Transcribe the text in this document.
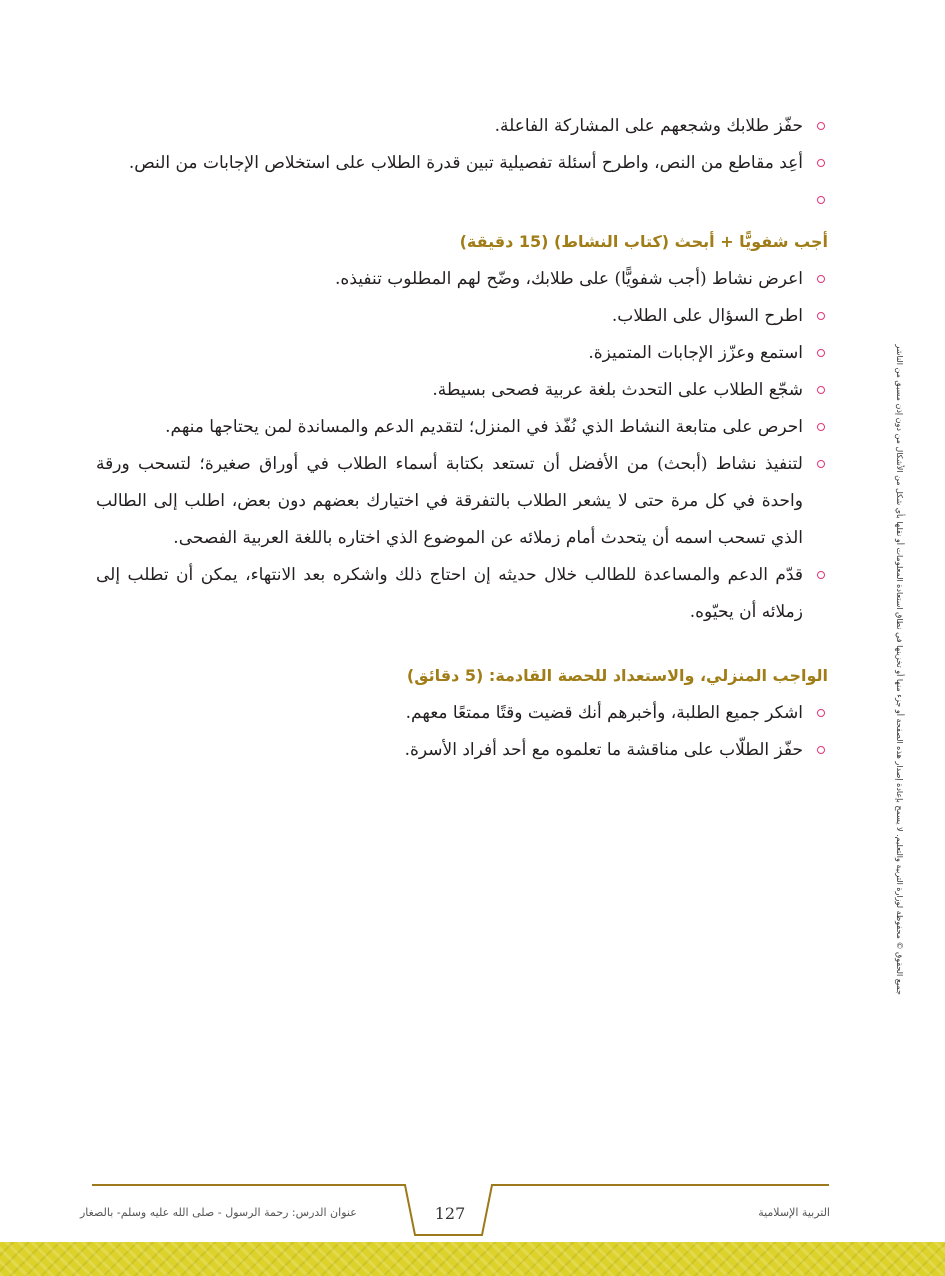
جميع الحقوق © محفوظة لوزارة التربية والتعليم. لا يسمح بإعادة إصدار هذه الصفحة أو جزء منها أو تخزينها في نطاق استعادة المعلومات أو نقلها بأي شكل من الأشكال من دون إذن مسبق من الناشر
حفّز طلابك وشجعهم على المشاركة الفاعلة.
أعِد مقاطع من النص، واطرح أسئلة تفصيلية تبين قدرة الطلاب على استخلاص الإجابات من النص.
أجب شفويًّا + أبحث (كتاب النشاط) (15 دقيقة)
اعرض نشاط (أجب شفويًّا) على طلابك، وضّح لهم المطلوب تنفيذه.
اطرح السؤال على الطلاب.
استمع وعزّز الإجابات المتميزة.
شجّع الطلاب على التحدث بلغة عربية فصحى بسيطة.
احرص على متابعة النشاط الذي نُفّذ في المنزل؛ لتقديم الدعم والمساندة لمن يحتاجها منهم.
لتنفيذ نشاط (أبحث) من الأفضل أن تستعد بكتابة أسماء الطلاب في أوراق صغيرة؛ لتسحب ورقة واحدة في كل مرة حتى لا يشعر الطلاب بالتفرقة في اختيارك بعضهم دون بعض، اطلب إلى الطالب الذي تسحب اسمه أن يتحدث أمام زملائه عن الموضوع الذي اختاره باللغة العربية الفصحى.
قدّم الدعم والمساعدة للطالب خلال حديثه إن احتاج ذلك واشكره بعد الانتهاء، يمكن أن تطلب إلى زملائه أن يحيّوه.
الواجب المنزلي، والاستعداد للحصة القادمة: (5 دقائق)
اشكر جميع الطلبة، وأخبرهم أنك قضيت وقتًا ممتعًا معهم.
حفّز الطلّاب على مناقشة ما تعلموه مع أحد أفراد الأسرة.
عنوان الدرس: رحمة الرسول - صلى الله عليه وسلم- بالصغار	127	التربية الإسلامية
